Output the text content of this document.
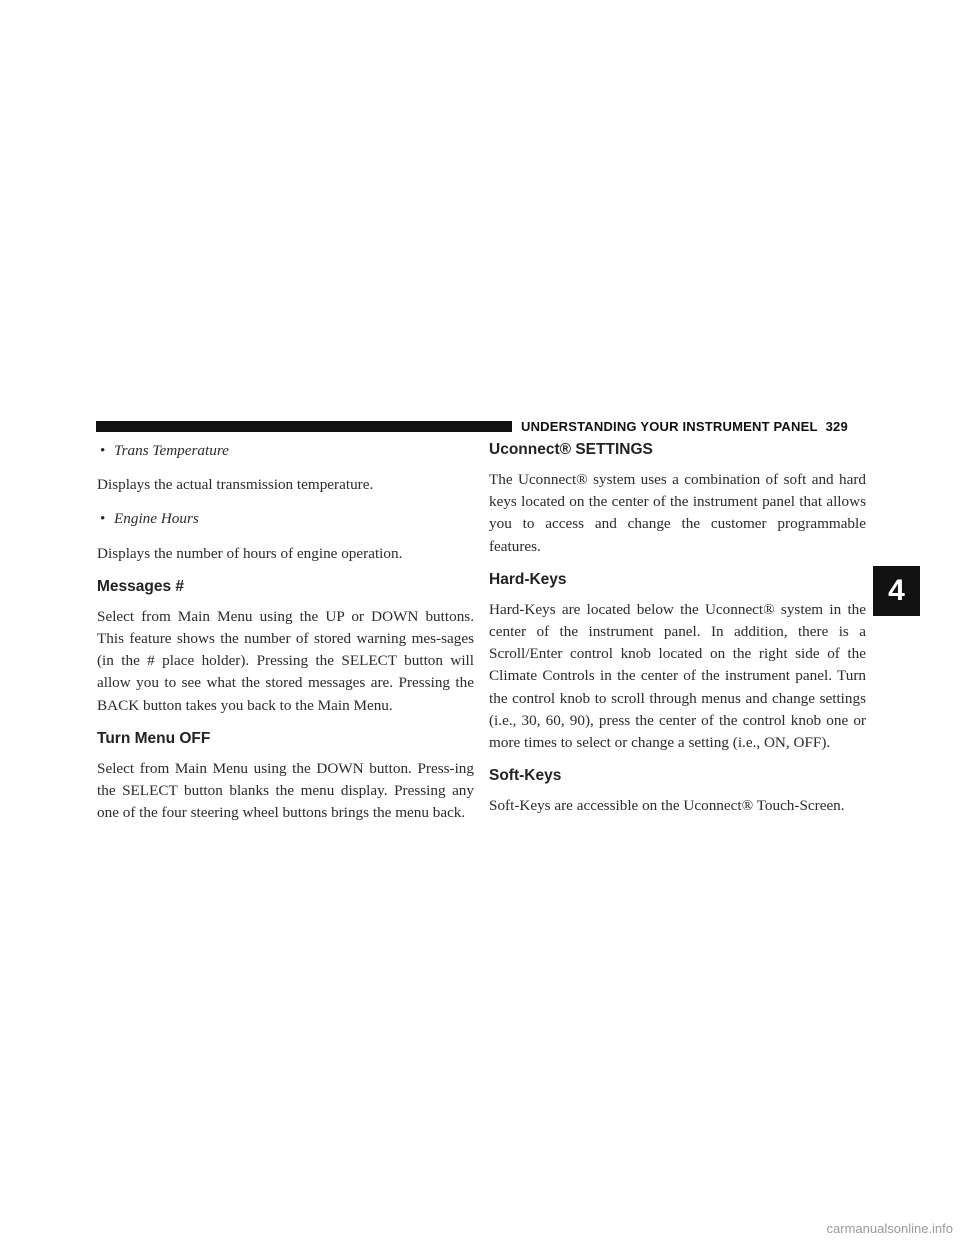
UNDERSTANDING YOUR INSTRUMENT PANEL 329
4
• Trans Temperature

Displays the actual transmission temperature.

• Engine Hours

Displays the number of hours of engine operation.

Messages #

Select from Main Menu using the UP or DOWN buttons. This feature shows the number of stored warning mes-sages (in the # place holder). Pressing the SELECT button will allow you to see what the stored messages are. Pressing the BACK button takes you back to the Main Menu.

Turn Menu OFF

Select from Main Menu using the DOWN button. Press-ing the SELECT button blanks the menu display. Pressing any one of the four steering wheel buttons brings the menu back.

Uconnect® SETTINGS

The Uconnect® system uses a combination of soft and hard keys located on the center of the instrument panel that allows you to access and change the customer programmable features.

Hard-Keys

Hard-Keys are located below the Uconnect® system in the center of the instrument panel. In addition, there is a Scroll/Enter control knob located on the right side of the Climate Controls in the center of the instrument panel. Turn the control knob to scroll through menus and change settings (i.e., 30, 60, 90), press the center of the control knob one or more times to select or change a setting (i.e., ON, OFF).

Soft-Keys

Soft-Keys are accessible on the Uconnect® Touch-Screen.

carmanualsonline.info
